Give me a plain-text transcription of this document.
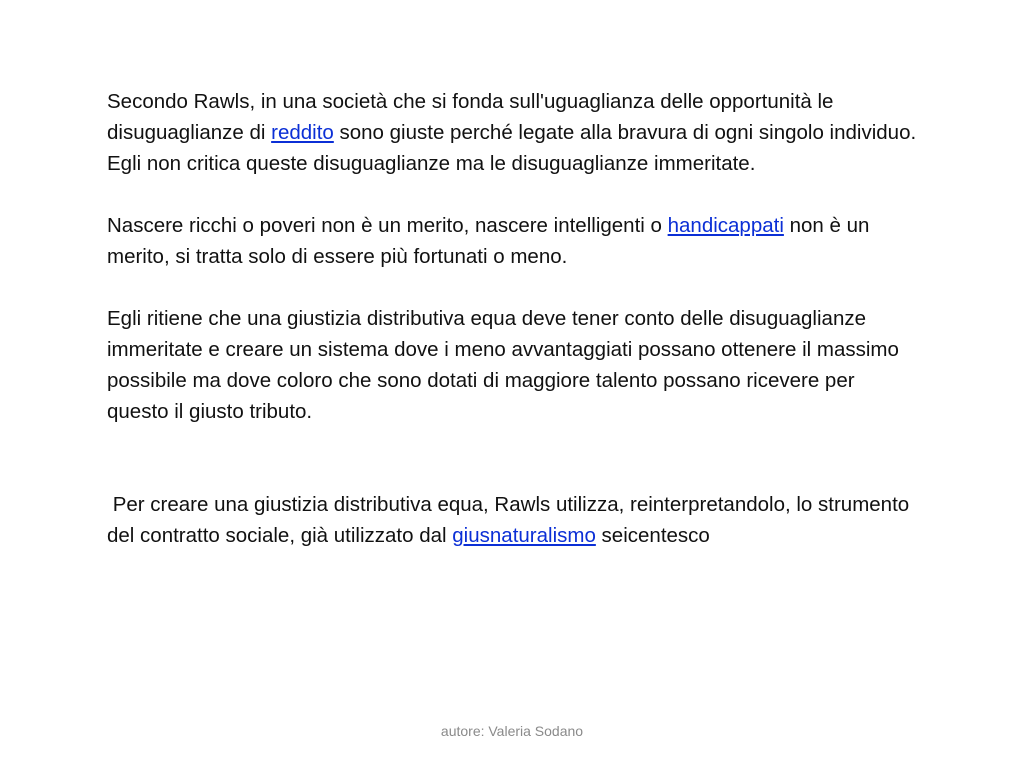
Secondo Rawls, in una società che si fonda sull'uguaglianza delle opportunità le disuguaglianze di reddito sono giuste perché legate alla bravura di ogni singolo individuo. Egli non critica queste disuguaglianze ma le disuguaglianze immeritate.

Nascere ricchi o poveri non è un merito, nascere intelligenti o handicappati non è un merito, si tratta solo di essere più fortunati o meno.

Egli ritiene che una giustizia distributiva equa deve tener conto delle disuguaglianze immeritate e creare un sistema dove i meno avvantaggiati possano ottenere il massimo possibile ma dove coloro che sono dotati di maggiore talento possano ricevere per questo il giusto tributo.

Per creare una giustizia distributiva equa, Rawls utilizza, reinterpretandolo, lo strumento del contratto sociale, già utilizzato dal giusnaturalismo seicentesco

autore: Valeria Sodano
